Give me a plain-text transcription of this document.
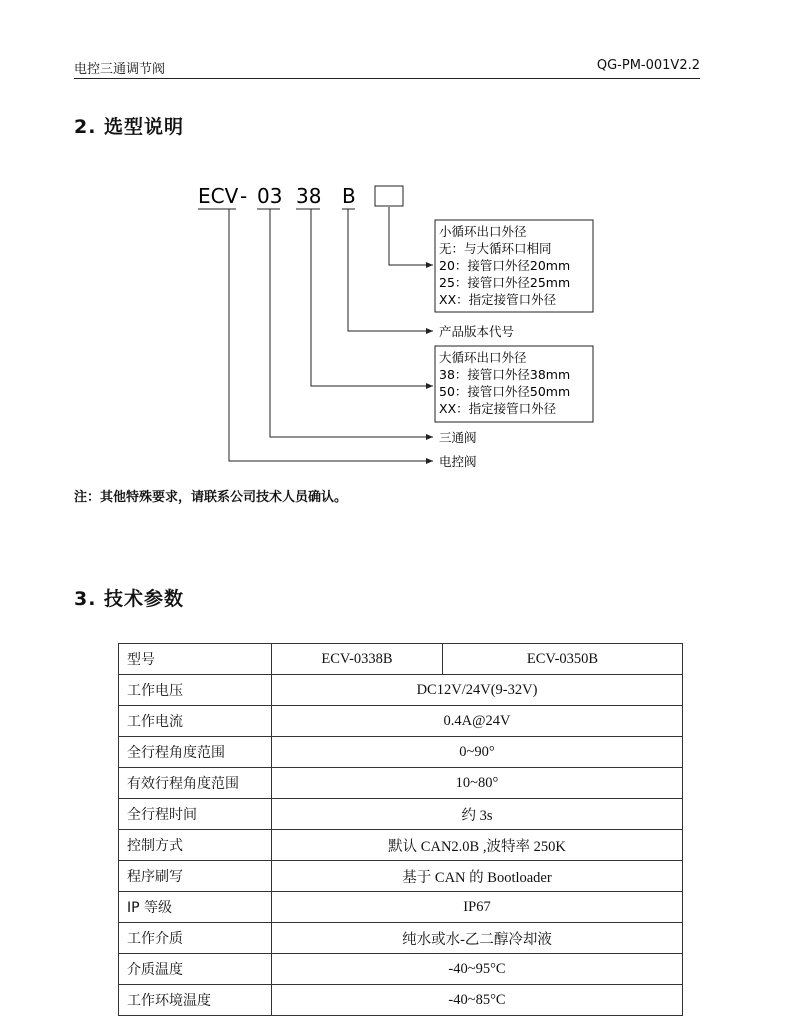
电控三通调节阀	QG-PM-001V2.2
2. 选型说明
ECV - 03 38 B
小循环出口外径
无：与大循环口相同
20：接管口外径20mm
25：接管口外径25mm
XX：指定接管口外径
产品版本代号
大循环出口外径
38：接管口外径38mm
50：接管口外径50mm
XX：指定接管口外径
三通阀
电控阀
注：其他特殊要求，请联系公司技术人员确认。
3. 技术参数
型号	ECV-0338B	ECV-0350B
工作电压	DC12V/24V(9-32V)	
工作电流	0.4A@24V	
全行程角度范围	0~90°	
有效行程角度范围	10~80°	
全行程时间	约 3s	
控制方式	默认 CAN2.0B ,波特率 250K	
程序刷写	基于 CAN 的 Bootloader	
IP 等级	IP67	
工作介质	纯水或水-乙二醇冷却液	
介质温度	-40~95°C	
工作环境温度	-40~85°C	
